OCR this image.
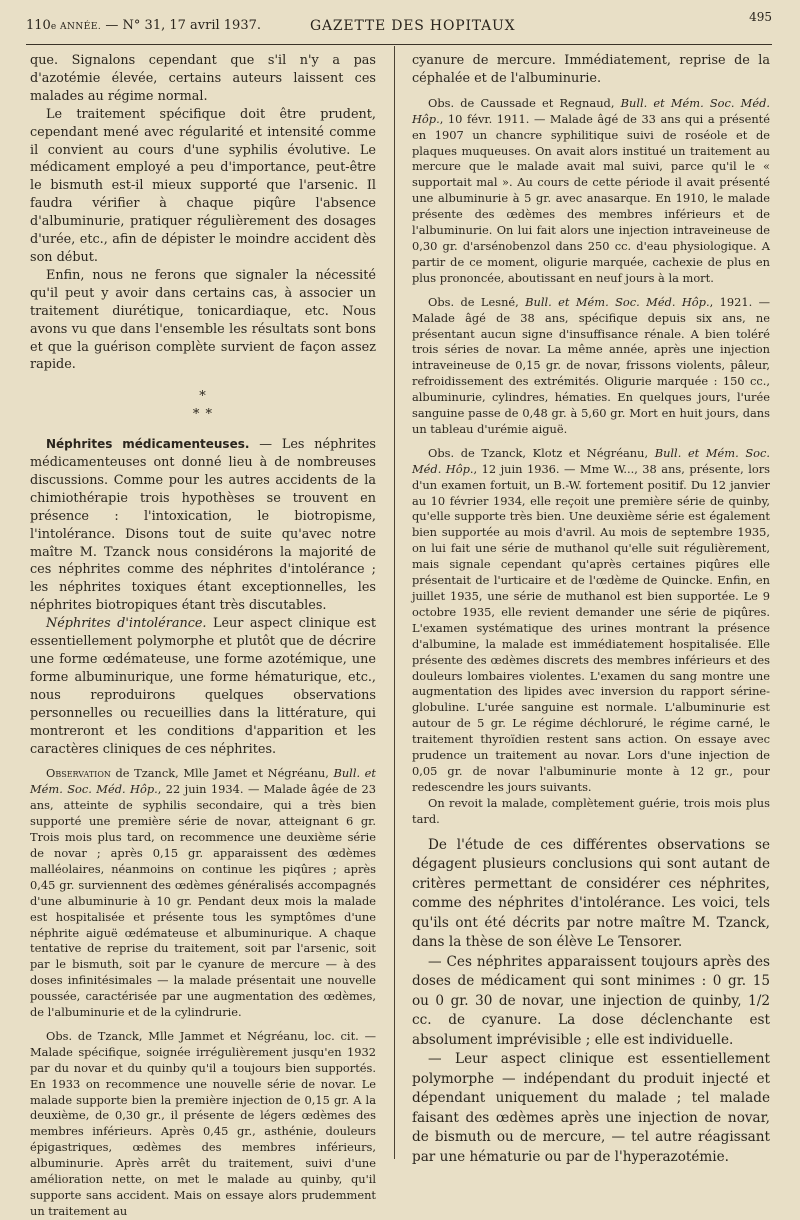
110e ANNÉE. — N° 31, 17 avril 1937.	GAZETTE DES HOPITAUX
495

que. Signalons cependant que s'il n'y a pas d'azotémie élevée, certains auteurs laissent ces malades au régime normal.

Le traitement spécifique doit être prudent, cependant mené avec régularité et intensité comme il convient au cours d'une syphilis évolutive. Le médicament employé a peu d'importance, peut-être le bismuth est-il mieux supporté que l'arsenic. Il faudra vérifier à chaque piqûre l'absence d'albuminurie, pratiquer régulièrement des dosages d'urée, etc., afin de dépister le moindre accident dès son début.

Enfin, nous ne ferons que signaler la nécessité qu'il peut y avoir dans certains cas, à associer un traitement diurétique, tonicardiaque, etc. Nous avons vu que dans l'ensemble les résultats sont bons et que la guérison complète survient de façon assez rapide.

*
* *

Néphrites médicamenteuses. — Les néphrites médicamenteuses ont donné lieu à de nombreuses discussions. Comme pour les autres accidents de la chimiothérapie trois hypothèses se trouvent en présence : l'intoxication, le biotropisme, l'intolérance. Disons tout de suite qu'avec notre maître M. Tzanck nous considérons la majorité de ces néphrites comme des néphrites d'intolérance ; les néphrites toxiques étant exceptionnelles, les néphrites biotropiques étant très discutables.

Néphrites d'intolérance. Leur aspect clinique est essentiellement polymorphe et plutôt que de décrire une forme œdémateuse, une forme azotémique, une forme albuminurique, une forme hématurique, etc., nous reproduirons quelques observations personnelles ou recueillies dans la littérature, qui montreront et les conditions d'apparition et les caractères cliniques de ces néphrites.

Observation de Tzanck, Mlle Jamet et Négréanu, Bull. et Mém. Soc. Méd. Hôp., 22 juin 1934. — Malade âgée de 23 ans, atteinte de syphilis secondaire, qui a très bien supporté une première série de novar, atteignant 6 gr. Trois mois plus tard, on recommence une deuxième série de novar ; après 0,15 gr. apparaissent des œdèmes malléolaires, néanmoins on continue les piqûres ; après 0,45 gr. surviennent des œdèmes généralisés accompagnés d'une albuminurie à 10 gr. Pendant deux mois la malade est hospitalisée et présente tous les symptômes d'une néphrite aiguë œdémateuse et albuminurique. A chaque tentative de reprise du traitement, soit par l'arsenic, soit par le bismuth, soit par le cyanure de mercure — à des doses infinitésimales — la malade présentait une nouvelle poussée, caractérisée par une augmentation des œdèmes, de l'albuminurie et de la cylindrurie.

Obs. de Tzanck, Mlle Jammet et Négréanu, loc. cit. — Malade spécifique, soignée irrégulièrement jusqu'en 1932 par du novar et du quinby qu'il a toujours bien supportés. En 1933 on recommence une nouvelle série de novar. Le malade supporte bien la première injection de 0,15 gr. A la deuxième, de 0,30 gr., il présente de légers œdèmes des membres inférieurs. Après 0,45 gr., asthénie, douleurs épigastriques, œdèmes des membres inférieurs, albuminurie. Après arrêt du traitement, suivi d'une amélioration nette, on met le malade au quinby, qu'il supporte sans accident. Mais on essaye alors prudemment un traitement au

cyanure de mercure. Immédiatement, reprise de la céphalée et de l'albuminurie.

Obs. de Caussade et Regnaud, Bull. et Mém. Soc. Méd. Hôp., 10 févr. 1911. — Malade âgé de 33 ans qui a présenté en 1907 un chancre syphilitique suivi de roséole et de plaques muqueuses. On avait alors institué un traitement au mercure que le malade avait mal suivi, parce qu'il le « supportait mal ». Au cours de cette période il avait présenté une albuminurie à 5 gr. avec anasarque. En 1910, le malade présente des œdèmes des membres inférieurs et de l'albuminurie. On lui fait alors une injection intraveineuse de 0,30 gr. d'arsénobenzol dans 250 cc. d'eau physiologique. A partir de ce moment, oligurie marquée, cachexie de plus en plus prononcée, aboutissant en neuf jours à la mort.

Obs. de Lesné, Bull. et Mém. Soc. Méd. Hôp., 1921. — Malade âgé de 38 ans, spécifique depuis six ans, ne présentant aucun signe d'insuffisance rénale. A bien toléré trois séries de novar. La même année, après une injection intraveineuse de 0,15 gr. de novar, frissons violents, pâleur, refroidissement des extrémités. Oligurie marquée : 150 cc., albuminurie, cylindres, hématies. En quelques jours, l'urée sanguine passe de 0,48 gr. à 5,60 gr. Mort en huit jours, dans un tableau d'urémie aiguë.

Obs. de Tzanck, Klotz et Négréanu, Bull. et Mém. Soc. Méd. Hôp., 12 juin 1936. — Mme W..., 38 ans, présente, lors d'un examen fortuit, un B.-W. fortement positif. Du 12 janvier au 10 février 1934, elle reçoit une première série de quinby, qu'elle supporte très bien. Une deuxième série est également bien supportée au mois d'avril. Au mois de septembre 1935, on lui fait une série de muthanol qu'elle suit régulièrement, mais signale cependant qu'après certaines piqûres elle présentait de l'urticaire et de l'œdème de Quincke. Enfin, en juillet 1935, une série de muthanol est bien supportée. Le 9 octobre 1935, elle revient demander une série de piqûres. L'examen systématique des urines montrant la présence d'albumine, la malade est immédiatement hospitalisée. Elle présente des œdèmes discrets des membres inférieurs et des douleurs lombaires violentes. L'examen du sang montre une augmentation des lipides avec inversion du rapport sérine-globuline. L'urée sanguine est normale. L'albuminurie est autour de 5 gr. Le régime déchloruré, le régime carné, le traitement thyroïdien restent sans action. On essaye avec prudence un traitement au novar. Lors d'une injection de 0,05 gr. de novar l'albuminurie monte à 12 gr., pour redescendre les jours suivants.

On revoit la malade, complètement guérie, trois mois plus tard.

De l'étude de ces différentes observations se dégagent plusieurs conclusions qui sont autant de critères permettant de considérer ces néphrites, comme des néphrites d'intolérance. Les voici, tels qu'ils ont été décrits par notre maître M. Tzanck, dans la thèse de son élève Le Tensorer.

— Ces néphrites apparaissent toujours après des doses de médicament qui sont minimes : 0 gr. 15 ou 0 gr. 30 de novar, une injection de quinby, 1/2 cc. de cyanure. La dose déclenchante est absolument imprévisible ; elle est individuelle.

— Leur aspect clinique est essentiellement polymorphe — indépendant du produit injecté et dépendant uniquement du malade ; tel malade faisant des œdèmes après une injection de novar, de bismuth ou de mercure, — tel autre réagissant par une hématurie ou par de l'hyperazotémie.
